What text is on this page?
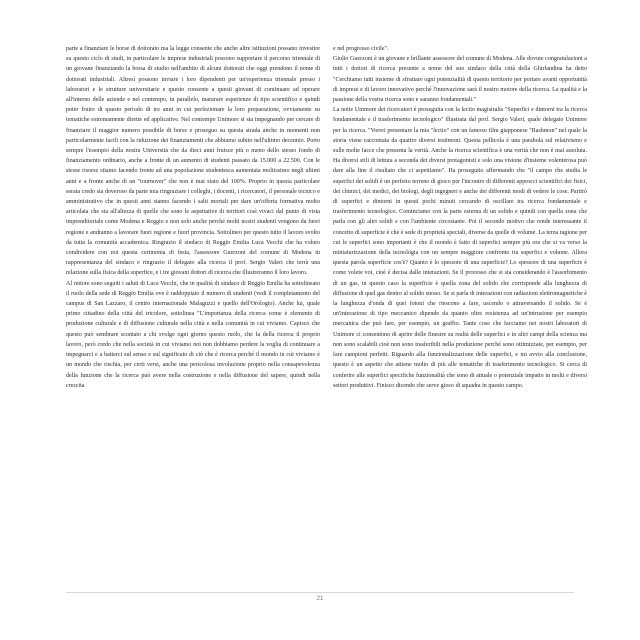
parte a finanziare le borse di dottorato ma la legge consente che anche altre istituzioni possano investire su questo ciclo di studi, in particolare le imprese industriali possono supportare il percorso triennale di un giovane finanziando la borsa di studio nell'ambito di alcuni dottorati che oggi prendono il nome di dottorati industriali. Altresì possono inviare i loro dipendenti per un'esperienza triennale presso i laboratori e le strutture universitarie e questo consente a questi giovani di continuare ad operare all'interno delle aziende e nel contempo, in parallelo, maturare esperienze di tipo scientifico e quindi poter fruire di questo periodo di tre anni in cui perfezionare la loro preparazione, ovviamente su tematiche estremamente dirette ed applicative. Nel contempo Unimore si sta impegnando per cercare di finanziare il maggior numero possibile di borse e proseguo su questa strada anche in momenti non particolarmente facili con la riduzione dei finanziamenti che abbiamo subito nell'ultimo decennio. Porto sempre l'esempio della nostra Università che da dieci anni fruisce più o meno dello stesso fondo di finanziamento ordinario, anche a fronte di un aumento di studenti passato da 15.000 a 22.500. Con le stesse risorse stiamo facendo fronte ad una popolazione studentesca aumentata moltissimo negli ultimi anni e a fronte anche di un "tournover" che non è mai stato del 100%. Proprio in questa particolare serata credo sia doveroso da parte mia ringraziare i colleghi, i docenti, i ricercatori, il personale tecnico e amministrativo che in questi anni stanno facendo i salti mortali per dare un'offerta formativa molto articolata che sia all'altezza di quelle che sono le aspettative di territori così vivaci dal punto di vista imprenditoriale come Modena e Reggio e non solo anche perché molti nostri studenti vengono da fuori regione e andranno a lavorare fuori regione e fuori provincia. Sottolineo per questo tutto il lavoro svolto da tutta la comunità accademica. Ringrazio il sindaco di Reggio Emilia Luca Vecchi che ha voluto condividere con noi questa cerimonia di festa, l'assessore Guerzoni del comune di Modena in rappresentanza del sindaco e ringrazio il delegato alla ricerca il prof. Sergio Valeri che terrà una relazione sulla fisica della superfice, e i tre giovani dottori di ricerca che illustreranno il loro lavoro.

Al rettore sono seguiti i saluti di Luca Vecchi, che in qualità di sindaco di Reggio Emilia ha sottolineato il ruolo della sede di Reggio Emilia ove è raddoppiato il numero di studenti (vedi il completamento del campus di San Lazzaro, il centro internazionale Malaguzzi e quello dell'Orologio). Anche lui, quale primo cittadino della città del tricolore, sottolinea "L'importanza della ricerca come è elemento di produzione culturale e di diffusione culturale nella città e nella comunità in cui viviamo. Capisco che questo può sembrare scontato a chi svolge ogni giorno questo ruolo, che fa della ricerca il proprio lavoro, però credo che nella società in cui viviamo noi non dobbiamo perdere la voglia di continuare a impegnarci e a batterci sul senso e sul significato di ciò che è ricerca perché il mondo in cui viviamo è un mondo che rischia, per certi versi, anche una pericolosa involuzione proprio nella consapevolezza della funzione che la ricerca può avere nella costruzione e nella diffusione del sapere, quindi nella crescita

e nel progresso civile".

Giulio Guerzoni è un giovane e brillante assessore del comune di Modena. Alle dovute congratulazioni a tutti i dottori di ricerca presente a nome del suo sindaco della città della Ghirlandina ha detto "Cerchiamo tutti insieme di sfruttare ogni potenzialità di questo territorio per portare avanti opportunità di imprese e di lavoro innovativo perché l'innovazione sarà il nostro motore della ricerca. La qualità e la passione della vostra ricerca sono e saranno fondamentali."

La notte Unimore dei ricercatori è proseguita con la lectio magistralis "Superfici e dintorni tra la ricerca fondamentale e il trasferimento tecnologico" illustrata dal prof. Sergio Valeri, quale delegato Unimore per la ricerca. "Vorrei presentare la mia "lectio" con un famoso film giapponese "Rashmon" nel quale la storia viene raccontata da quattro diversi testimoni. Questa pellicola è una parabola sul relativismo e sulle molte facce che presenta la verità. Anche la ricerca scientifica è una verità che non è mai assoluta. Ha diversi stili di lettura a seconda dei diversi protagonisti e solo una visione d'insieme volenterosa può dare alla fine il risultato che ci aspettiamo". Ha proseguito affermando che "il campo che studia le superfici dei solidi è un perfetto terreno di gioco per l'incontro di differenti approcci scientifici dei fisici, dei chimici, dei medici, dei biologi, degli ingegneri e anche dei differenti modi di vedere le cose. Partirò di superfici e dintorni in questi pochi minuti cercando di oscillare tra ricerca fondamentale e trasferimento tecnologico. Cominciamo con la parte esterna di un solido e quindi con quella zona che parla con gli altri solidi e con l'ambiente circostante. Poi il secondo motivo che rende interessante il concetto di superficie è che è sede di proprietà speciali, diverse da quelle di volume. La terza ragione per cui le superfici sono importanti è che il mondo è fatto di superfici sempre più ora che si va verso la miniaturizzazione della tecnologia con un sempre maggiore confronto tra superfici e volume. Allora questa parola superficie cos'è? Quanto è lo spessore di una superficie? Lo spessore di una superficie è come volete voi, cioè è decisa dalle interazioni. Se il processo che si sta considerando è l'assorbimento di un gas, in questo caso la superficie è quella zona del solido che corrisponde alla lunghezza di diffusione di quel gas dentro al solido stesso. Se si parla di interazioni con radiazioni elettromagnetiche è la lunghezza d'onda di quei fotoni che riescono a fare, uscendo o attraversando il solido. Se è un'interazione di tipo meccanico dipende da quanto oltre resistenza ad un'intrusione per esempio meccanica che può fare, per esempio, un graffio. Tante cose che facciamo nei nostri laboratori di Unimore ci consentono di aprire delle finestre su realtà delle superfici e in altri campi della scienza ma non sono scalabili cioè non sono trasferibili nella produzione perché sono ottimizzate, per esempio, per fare campioni perfetti. Riguardo alla funzionalizzazione delle superfici, e mi avvio alla conclusione, questo è un aspetto che attiene molto di più alle tematiche di trasferimento tecnologico. Si cerca di conferire alle superfici specifiche funzionalità che sono di attuale o potenziale impatto in molti e diversi settori produttivi. Finisco dicendo che serve gioco di squadra in questo campo.

21
